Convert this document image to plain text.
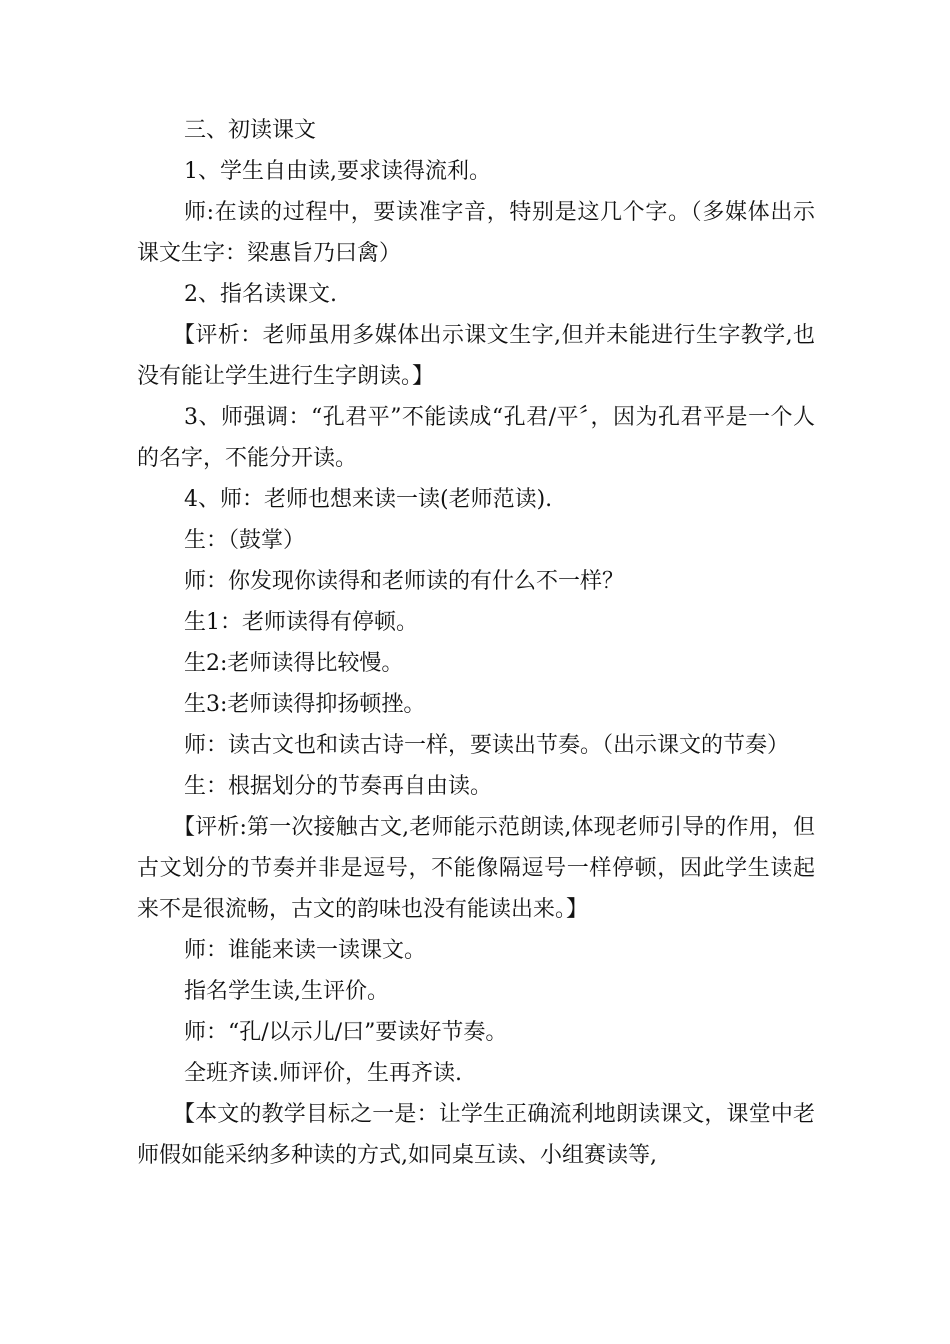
三、初读课文

1、学生自由读,要求读得流利。

师:在读的过程中，要读准字音，特别是这几个字。（多媒体出示课文生字：梁惠旨乃曰禽）

2、指名读课文.

【评析：老师虽用多媒体出示课文生字,但并未能进行生字教学,也没有能让学生进行生字朗读。】

3、师强调：“孔君平”不能读成“孔君/平〞，因为孔君平是一个人的名字，不能分开读。

4、师：老师也想来读一读(老师范读).

生：（鼓掌）

师：你发现你读得和老师读的有什么不一样？

生1：老师读得有停顿。

生2:老师读得比较慢。

生3:老师读得抑扬顿挫。

师：读古文也和读古诗一样，要读出节奏。（出示课文的节奏）

生：根据划分的节奏再自由读。

【评析:第一次接触古文,老师能示范朗读,体现老师引导的作用，但古文划分的节奏并非是逗号，不能像隔逗号一样停顿，因此学生读起来不是很流畅，古文的韵味也没有能读出来。】

师：谁能来读一读课文。

指名学生读,生评价。

师：“孔/以示儿/曰”要读好节奏。

全班齐读.师评价，生再齐读.

【本文的教学目标之一是：让学生正确流利地朗读课文，课堂中老师假如能采纳多种读的方式,如同桌互读、小组赛读等,
